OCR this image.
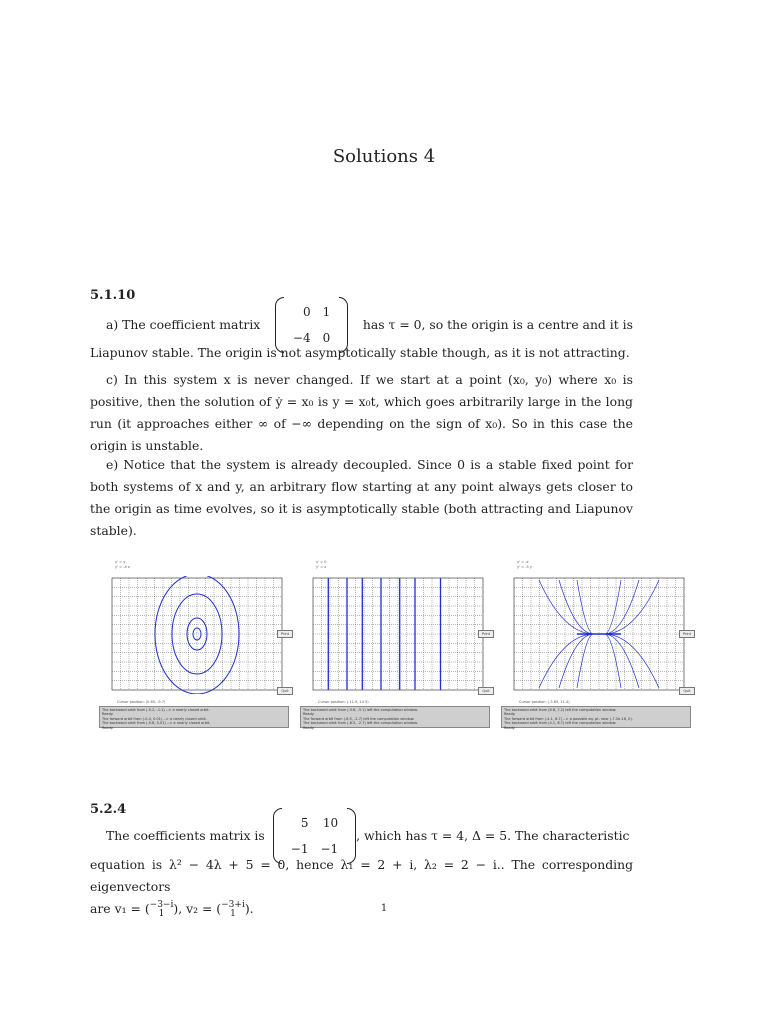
Solutions 4
5.1.10
a) The coefficient matrix
0	1
−4	0
has τ = 0, so the origin is a centre and it is
Liapunov stable. The origin is not asymptotically stable though, as it is not attracting.
c) In this system x is never changed. If we start at a point (x₀, y₀) where x₀ is positive, then the solution of ẏ = x₀ is y = x₀t, which goes arbitrarily large in the long run (it approaches either ∞ of −∞ depending on the sign of x₀). So in this case the origin is unstable.
e) Notice that the system is already decoupled. Since 0 is a stable fixed point for both systems of x and y, an arbitrary flow starting at any point always gets closer to the origin as time evolves, so it is asymptotically stable (both attracting and Liapunov stable).
x' = y
y' = -4 x
Print
Quit
Cursor position: (0.85, -9.7)
The backward orbit from (-5.2, -1.1) --> a nearly closed orbit.
Ready.
The forward orbit from (-0.4, 0.01) --> a nearly closed orbit.
The backward orbit from (-0.8, 0.01) --> a nearly closed orbit.
Ready.
x' = 0
y' = x
Print
Quit
Cursor position: (-11.9, 14.5)
The backward orbit from (-5.6, -5.1) left the computation window.
Ready.
The forward orbit from (-6.5, -2.7) left the computation window.
The backward orbit from (-6.5, -2.7) left the computation window.
Ready.
x' = -x
y' = -5 y
Print
Quit
Cursor position: (-3.65, 11.4)
The backward orbit from (6.8, 7.2) left the computation window.
Ready.
The forward orbit from (-4.1, 6.7) --> a possible eq. pt. near (-7.5e-16, 0).
The backward orbit from (4.1, 6.7) left the computation window.
Ready.
5.2.4
The coefficients matrix is
5	10
−1	−1
, which has τ = 4, Δ = 5. The characteristic
equation is λ² − 4λ + 5 = 0, hence λ₁ = 2 + i, λ₂ = 2 − i.. The corresponding eigenvectors
are v₁ = (−3−i
1 ), v₂ = (−3+i
1 ).	1
